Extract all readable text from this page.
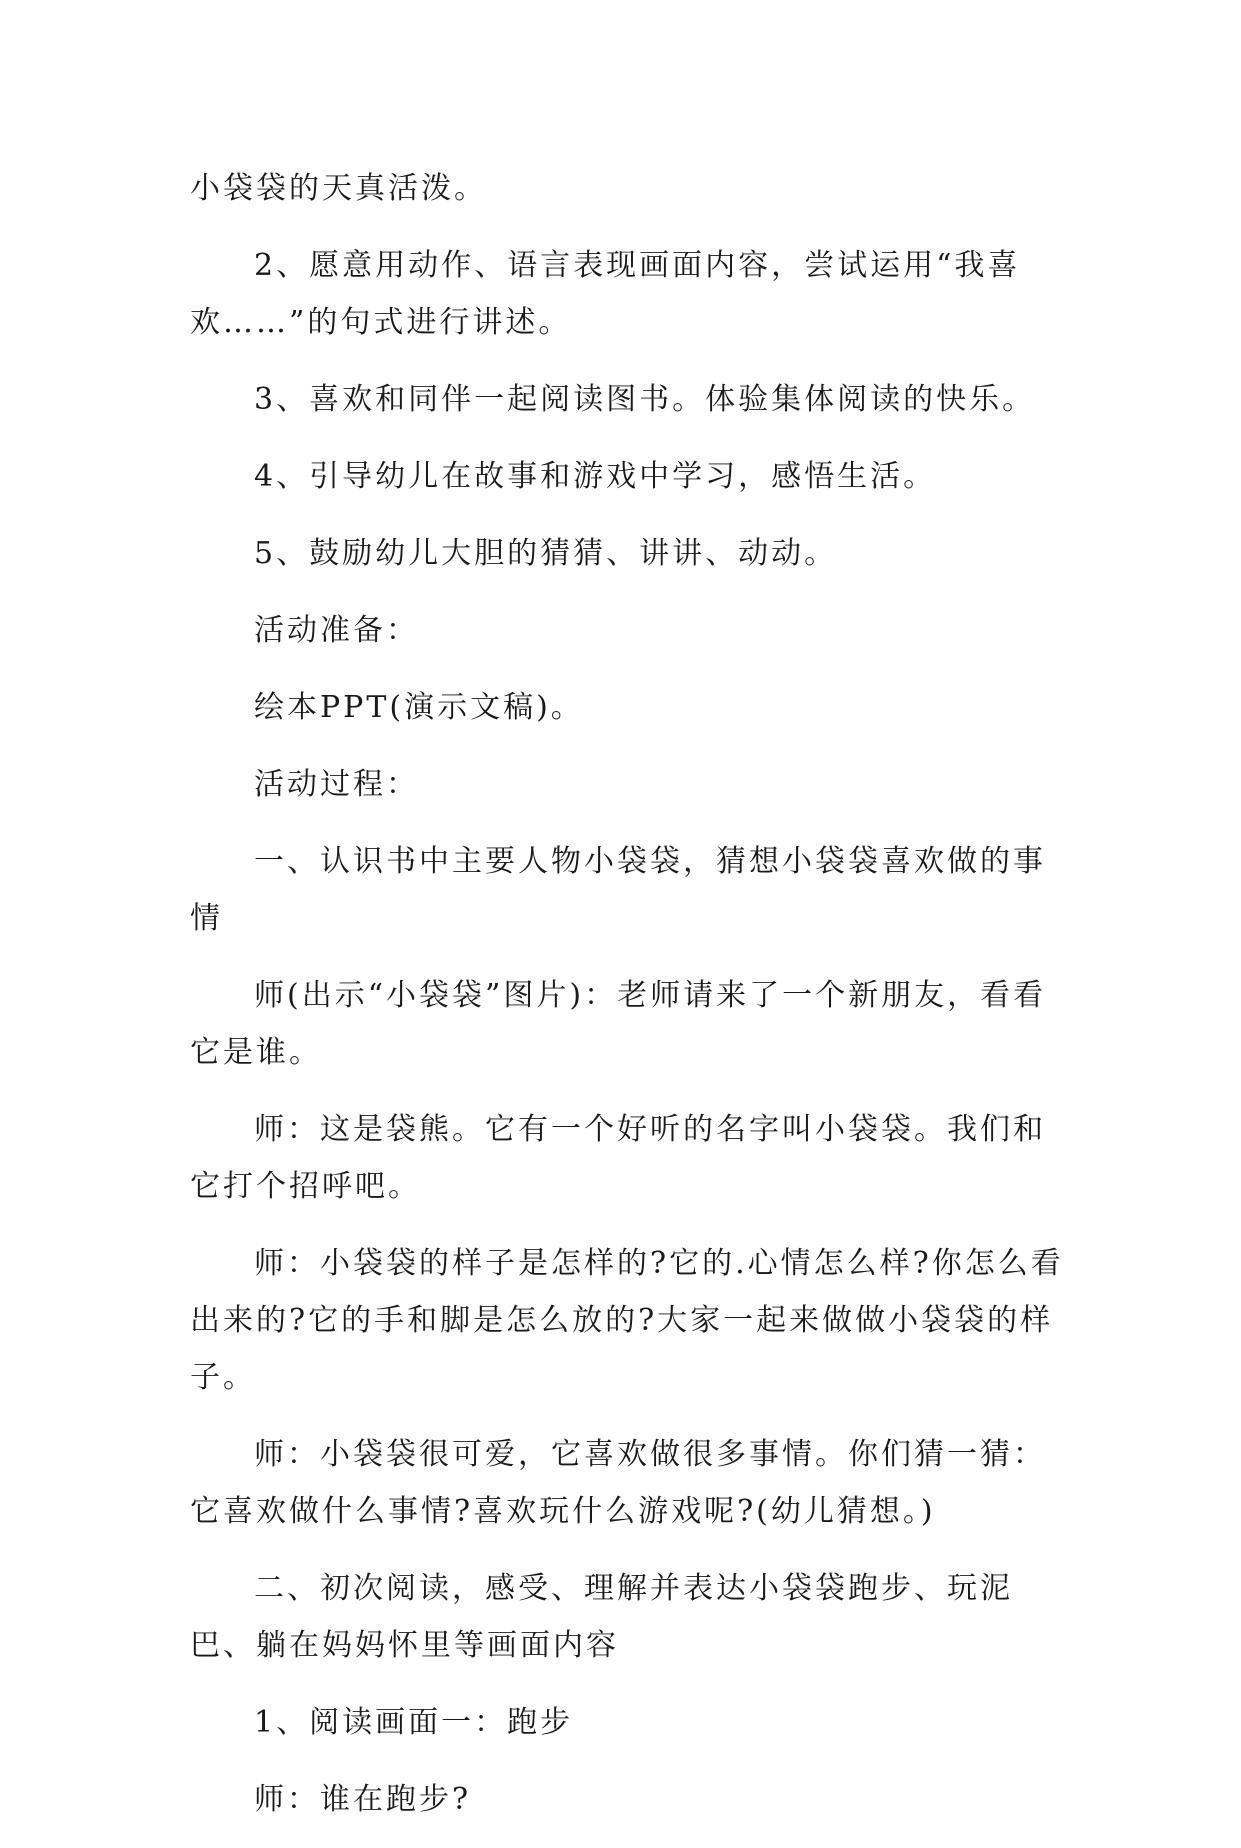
小袋袋的天真活泼。

2、愿意用动作、语言表现画面内容，尝试运用“我喜欢……”的句式进行讲述。

3、喜欢和同伴一起阅读图书。体验集体阅读的快乐。

4、引导幼儿在故事和游戏中学习，感悟生活。

5、鼓励幼儿大胆的猜猜、讲讲、动动。

活动准备：

绘本PPT(演示文稿)。

活动过程：

一、认识书中主要人物小袋袋，猜想小袋袋喜欢做的事情

师(出示“小袋袋”图片)：老师请来了一个新朋友，看看它是谁。

师：这是袋熊。它有一个好听的名字叫小袋袋。我们和它打个招呼吧。

师：小袋袋的样子是怎样的?它的.心情怎么样?你怎么看出来的?它的手和脚是怎么放的?大家一起来做做小袋袋的样子。

师：小袋袋很可爱，它喜欢做很多事情。你们猜一猜：它喜欢做什么事情?喜欢玩什么游戏呢?(幼儿猜想。)

二、初次阅读，感受、理解并表达小袋袋跑步、玩泥巴、躺在妈妈怀里等画面内容

1、阅读画面一：跑步

师：谁在跑步?
